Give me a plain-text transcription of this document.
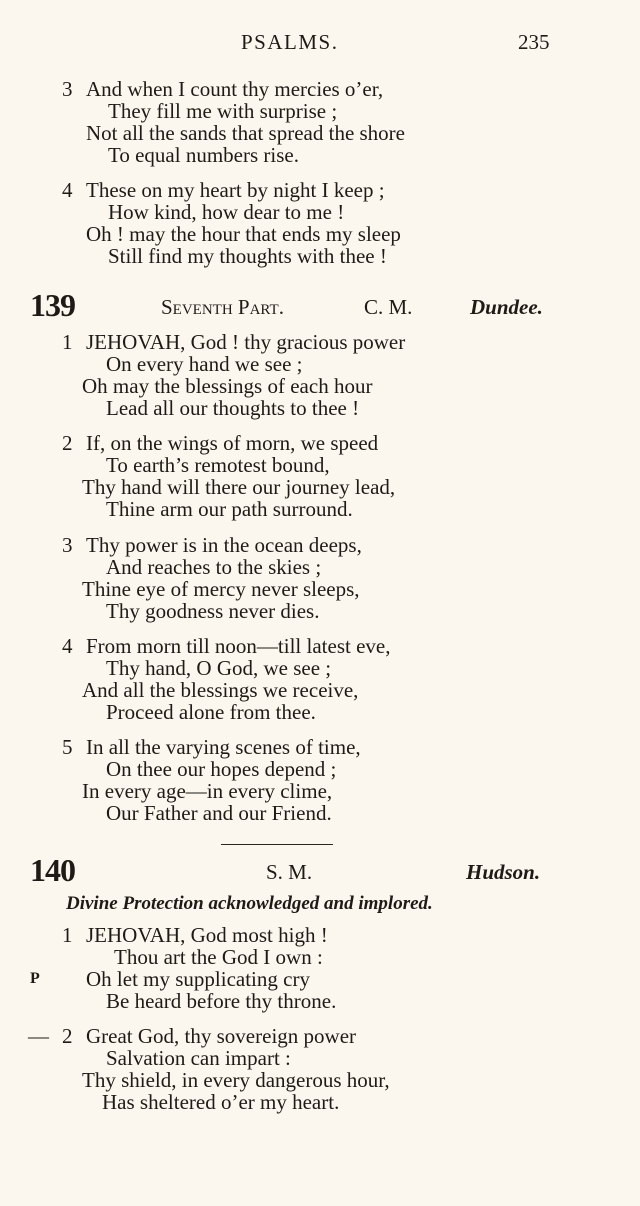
PSALMS.	235
3 And when I count thy mercies o’er,
They fill me with surprise ;
Not all the sands that spread the shore
To equal numbers rise.
4 These on my heart by night I keep ;
How kind, how dear to me !
Oh ! may the hour that ends my sleep
Still find my thoughts with thee !
139	Seventh Part.	C. M.	Dundee.
1 JEHOVAH, God ! thy gracious power
On every hand we see ;
Oh may the blessings of each hour
Lead all our thoughts to thee !
2 If, on the wings of morn, we speed
To earth’s remotest bound,
Thy hand will there our journey lead,
Thine arm our path surround.
3 Thy power is in the ocean deeps,
And reaches to the skies ;
Thine eye of mercy never sleeps,
Thy goodness never dies.
4 From morn till noon—till latest eve,
Thy hand, O God, we see ;
And all the blessings we receive,
Proceed alone from thee.
5 In all the varying scenes of time,
On thee our hopes depend ;
In every age—in every clime,
Our Father and our Friend.
140	S. M.	Hudson.
Divine Protection acknowledged and implored.
1 JEHOVAH, God most high !
Thou art the God I own :
P Oh let my supplicating cry
Be heard before thy throne.
— 2 Great God, thy sovereign power
Salvation can impart :
Thy shield, in every dangerous hour,
Has sheltered o’er my heart.
